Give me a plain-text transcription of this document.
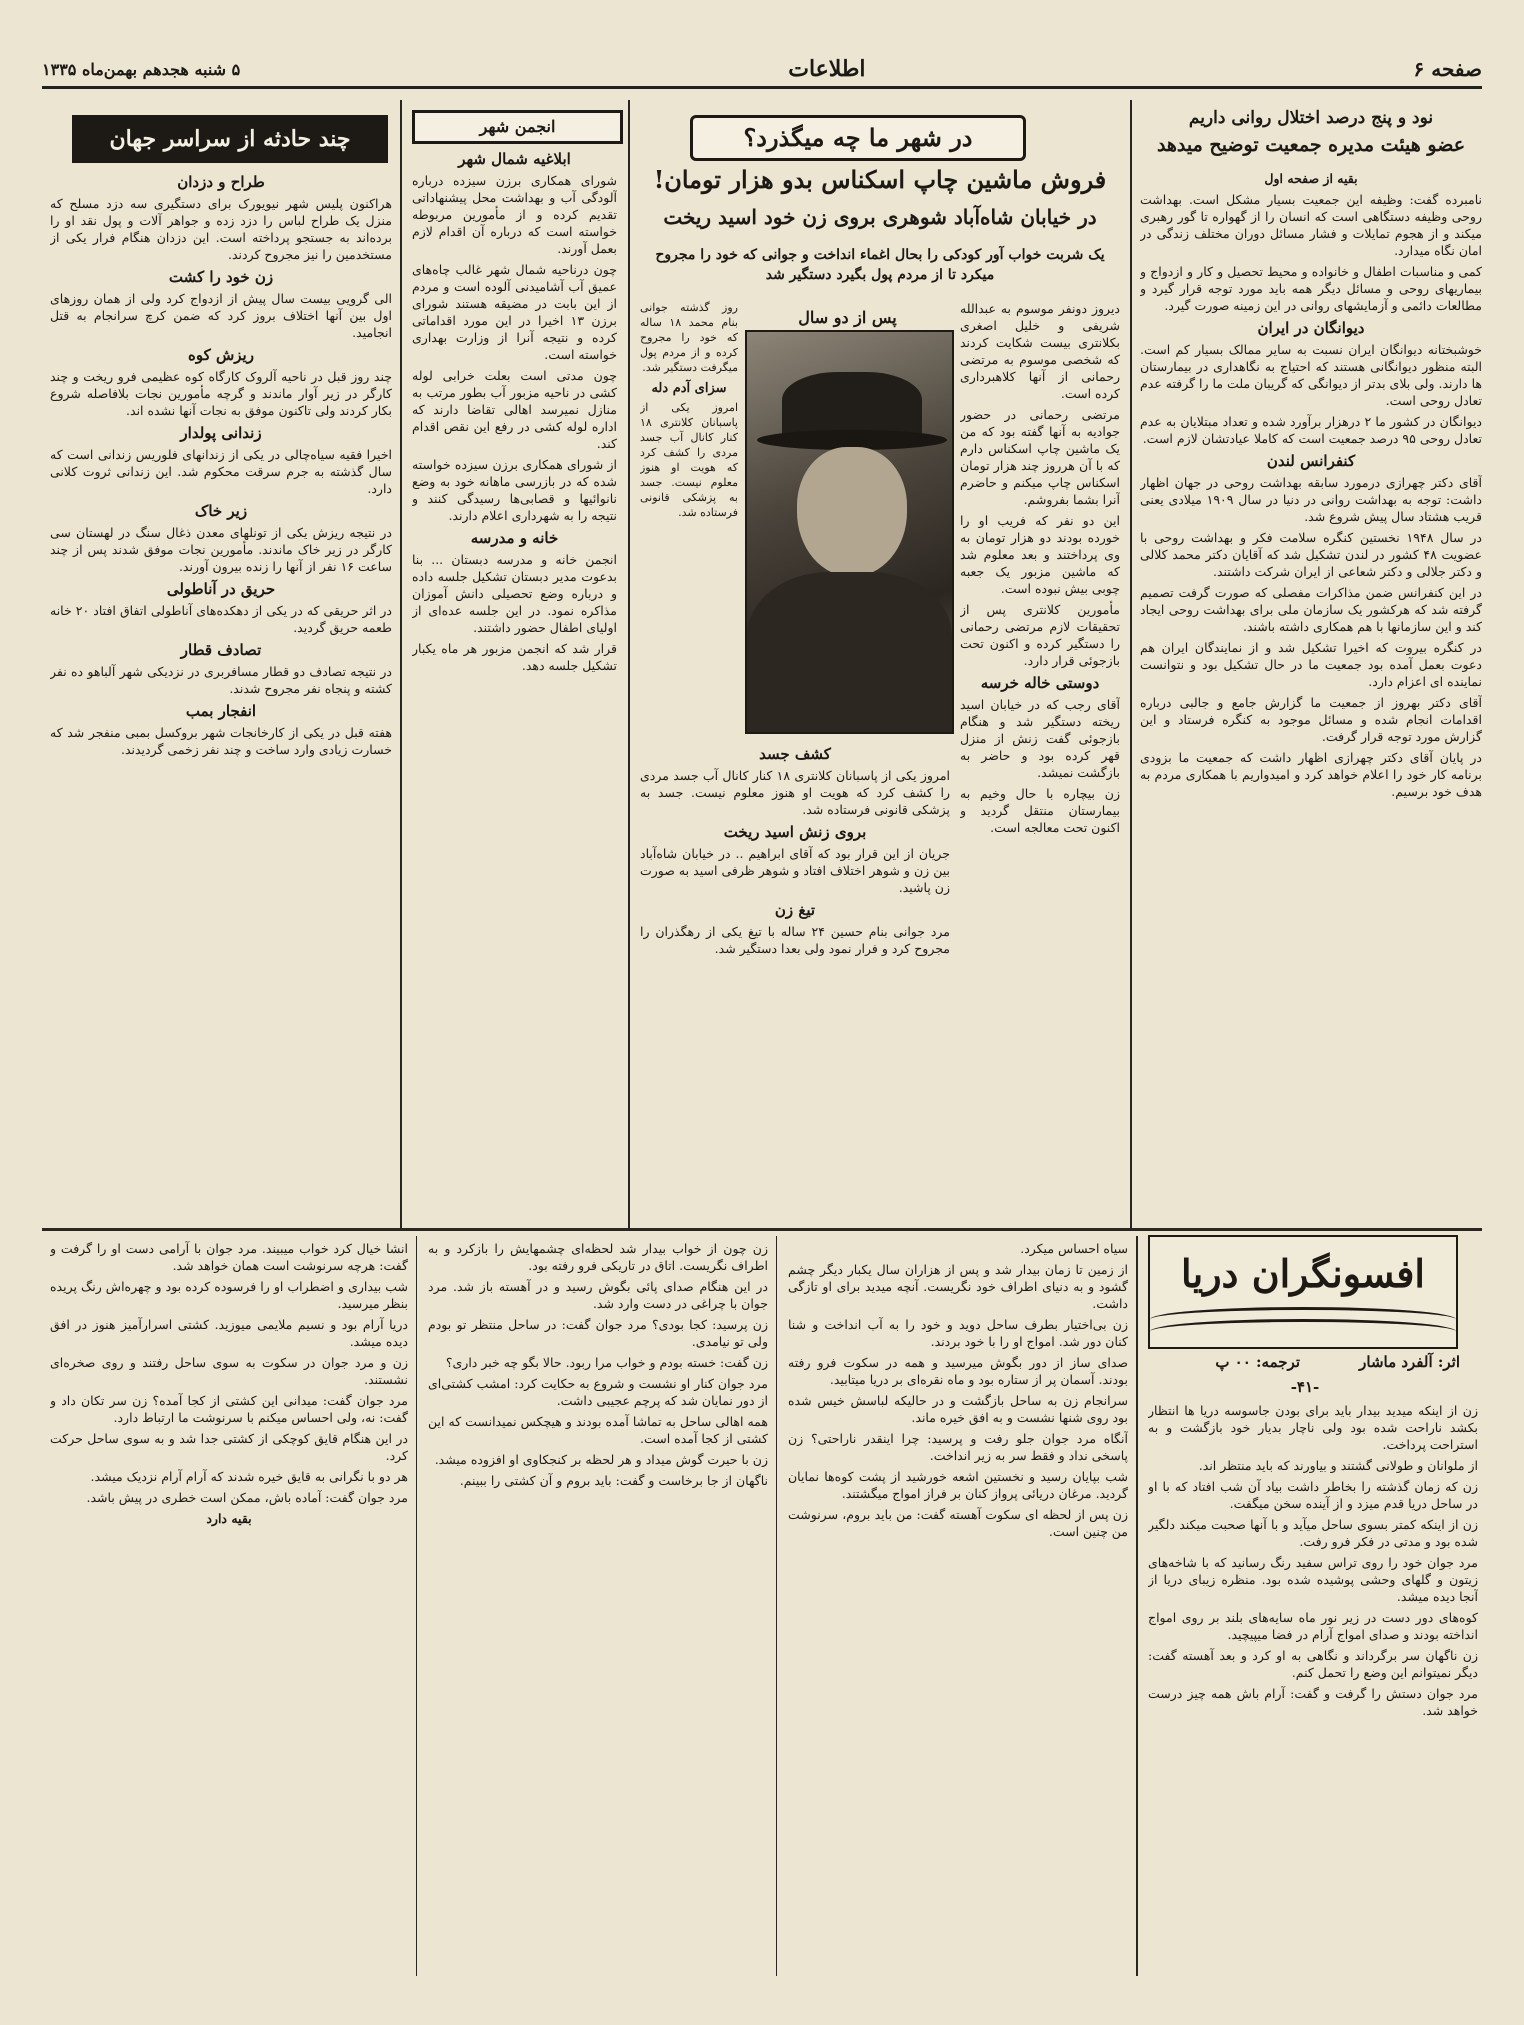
صفحه ۶
اطلاعات
۵ شنبه هجدهم بهمن‌ماه ۱۳۳۵
نود و پنج درصد اختلال روانی داریم
عضو هیئت مدیره جمعیت توضیح میدهد

بقیه از صفحه اول

نامبرده گفت: وظیفه این جمعیت بسیار مشکل است. بهداشت روحی وظیفه دستگاهی است که انسان را از گهواره تا گور رهبری میکند و از هجوم تمایلات و فشار مسائل دوران مختلف زندگی در امان نگاه میدارد.

کمی و مناسبات اطفال و خانواده و محیط تحصیل و کار و ازدواج و بیماریهای روحی و مسائل دیگر همه باید مورد توجه قرار گیرد و مطالعات دائمی و آزمایشهای روانی در این زمینه صورت گیرد.

دیوانگان در ایران

خوشبختانه دیوانگان ایران نسبت به سایر ممالک بسیار کم است. البته منظور دیوانگانی هستند که احتیاج به نگاهداری در بیمارستان ها دارند. ولی بلای بدتر از دیوانگی که گریبان ملت ما را گرفته عدم تعادل روحی است.

دیوانگان در کشور ما ۲ درهزار برآورد شده و تعداد مبتلایان به عدم تعادل روحی ۹۵ درصد جمعیت است که کاملا عیادتشان لازم است.

کنفرانس لندن

آقای دکتر چهرازی درمورد سابقه بهداشت روحی در جهان اظهار داشت: توجه به بهداشت روانی در دنیا در سال ۱۹۰۹ میلادی یعنی قریب هشتاد سال پیش شروع شد.

در سال ۱۹۴۸ نخستین کنگره سلامت فکر و بهداشت روحی با عضویت ۴۸ کشور در لندن تشکیل شد که آقایان دکتر محمد کلالی و دکتر جلالی و دکتر شعاعی از ایران شرکت داشتند.

در این کنفرانس ضمن مذاکرات مفصلی که صورت گرفت تصمیم گرفته شد که هرکشور یک سازمان ملی برای بهداشت روحی ایجاد کند و این سازمانها با هم همکاری داشته باشند.

در کنگره بیروت که اخیرا تشکیل شد و از نمایندگان ایران هم دعوت بعمل آمده بود جمعیت ما در حال تشکیل بود و نتوانست نماینده ای اعزام دارد.

آقای دکتر بهروز از جمعیت ما گزارش جامع و جالبی درباره اقدامات انجام شده و مسائل موجود به کنگره فرستاد و این گزارش مورد توجه قرار گرفت.

در پایان آقای دکتر چهرازی اظهار داشت که جمعیت ما بزودی برنامه کار خود را اعلام خواهد کرد و امیدواریم با همکاری مردم به هدف خود برسیم.

در شهر ما چه میگذرد؟
فروش ماشین چاپ اسکناس بدو هزار تومان!
در خیابان شاه‌آباد شوهری بروی زن خود اسید ریخت
یک شربت خواب آور کودکی را بحال اغماء انداخت و جوانی که خود را مجروح میکرد تا از مردم پول بگیرد دستگیر شد

دیروز دونفر موسوم به عبدالله شریفی و خلیل اصغری بکلانتری بیست شکایت کردند که شخصی موسوم به مرتضی رحمانی از آنها کلاهبرداری کرده است.

مرتضی رحمانی در حضور جوادیه به آنها گفته بود که من یک ماشین چاپ اسکناس دارم که با آن هرروز چند هزار تومان اسکناس چاپ میکنم و حاضرم آنرا بشما بفروشم.

این دو نفر که فریب او را خورده بودند دو هزار تومان به وی پرداختند و بعد معلوم شد که ماشین مزبور یک جعبه چوبی بیش نبوده است.

مأمورین کلانتری پس از تحقیقات لازم مرتضی رحمانی را دستگیر کرده و اکنون تحت بازجوئی قرار دارد.

دوستی خاله خرسه

آقای رجب که در خیابان اسید ریخته دستگیر شد و هنگام بازجوئی گفت زنش از منزل قهر کرده بود و حاضر به بازگشت نمیشد.

زن بیچاره با حال وخیم به بیمارستان منتقل گردید و اکنون تحت معالجه است.

پس از دو سال

روز گذشته جوانی بنام محمد ۱۸ ساله که خود را مجروح کرده و از مردم پول میگرفت دستگیر شد.

سزای آدم دله

امروز یکی از پاسبانان کلانتری ۱۸ کنار کانال آب جسد مردی را کشف کرد که هویت او هنوز معلوم نیست. جسد به پزشکی قانونی فرستاده شد.

کشف جسد

امروز یکی از پاسبانان کلانتری ۱۸ کنار کانال آب جسد مردی را کشف کرد که هویت او هنوز معلوم نیست. جسد به پزشکی قانونی فرستاده شد.

بروی زنش اسید ریخت

جریان از این قرار بود که آقای ابراهیم .. در خیابان شاه‌آباد بین زن و شوهر اختلاف افتاد و شوهر ظرفی اسید به صورت زن پاشید.

تیغ زن

مرد جوانی بنام حسین ۲۴ ساله با تیغ یکی از رهگذران را مجروح کرد و فرار نمود ولی بعدا دستگیر شد.

انجمن شهر
ابلاغیه شمال شهر

شورای همکاری برزن سیزده درباره آلودگی آب و بهداشت محل پیشنهاداتی تقدیم کرده و از مأمورین مربوطه خواسته است که درباره آن اقدام لازم بعمل آورند.

چون درناحیه شمال شهر غالب چاه‌های عمیق آب آشامیدنی آلوده است و مردم از این بابت در مضیقه هستند شورای برزن ۱۳ اخیرا در این مورد اقداماتی کرده و نتیجه آنرا از وزارت بهداری خواسته است.

چون مدتی است بعلت خرابی لوله کشی در ناحیه مزبور آب بطور مرتب به منازل نمیرسد اهالی تقاضا دارند که اداره لوله کشی در رفع این نقص اقدام کند.

از شورای همکاری برزن سیزده خواسته شده که در بازرسی ماهانه خود به وضع نانوائیها و قصابی‌ها رسیدگی کنند و نتیجه را به شهرداری اعلام دارند.

خانه و مدرسه

انجمن خانه و مدرسه دبستان ... بنا بدعوت مدیر دبستان تشکیل جلسه داده و درباره وضع تحصیلی دانش آموزان مذاکره نمود. در این جلسه عده‌ای از اولیای اطفال حضور داشتند.

قرار شد که انجمن مزبور هر ماه یکبار تشکیل جلسه دهد.

چند حادثه از سراسر جهان
طراح و دزدان

هراکنون پلیس شهر نیویورک برای دستگیری سه دزد مسلح که منزل یک طراح لباس را دزد زده و جواهر آلات و پول نقد او را برده‌اند به جستجو پرداخته است. این دزدان هنگام فرار یکی از مستخدمین را نیز مجروح کردند.

زن خود را کشت

الی گرویی بیست سال پیش از ازدواج کرد ولی از همان روزهای اول بین آنها اختلاف بروز کرد که ضمن کرچ سرانجام به قتل انجامید.

ریزش کوه

چند روز قبل در ناحیه آلروک کارگاه کوه عظیمی فرو ریخت و چند کارگر در زیر آوار ماندند و گرچه مأمورین نجات بلافاصله شروع بکار کردند ولی تاکنون موفق به نجات آنها نشده اند.

زندانی پولدار

اخیرا فقیه سیاه‌چالی در یکی از زندانهای فلوریس زندانی است که سال گذشته به جرم سرقت محکوم شد. این زندانی ثروت کلانی دارد.

زیر خاک

در نتیجه ریزش یکی از تونلهای معدن ذغال سنگ در لهستان سی کارگر در زیر خاک ماندند. مأمورین نجات موفق شدند پس از چند ساعت ۱۶ نفر از آنها را زنده بیرون آورند.

حریق در آناطولی

در اثر حریقی که در یکی از دهکده‌های آناطولی اتفاق افتاد ۲۰ خانه طعمه حریق گردید.

تصادف قطار

در نتیجه تصادف دو قطار مسافربری در نزدیکی شهر آلباهو ده نفر کشته و پنجاه نفر مجروح شدند.

انفجار بمب

هفته قبل در یکی از کارخانجات شهر بروکسل بمبی منفجر شد که خسارت زیادی وارد ساخت و چند نفر زخمی گردیدند.

افسونگران دریا
اثر: آلفرد ماشار
ترجمه: ۰۰ پ
-۴۱-

زن از اینکه میدید بیدار باید برای بودن جاسوسه دریا ها انتظار بکشد ناراحت شده بود ولی ناچار بدیار خود بازگشت و به استراحت پرداخت.

از ملوانان و طولانی گشتند و بیاورند که باید منتظر اند.

زن که زمان گذشته را بخاطر داشت بیاد آن شب افتاد که با او در ساحل دریا قدم میزد و از آینده سخن میگفت.

زن از اینکه کمتر بسوی ساحل میآید و با آنها صحبت میکند دلگیر شده بود و مدتی در فکر فرو رفت.

مرد جوان خود را روی تراس سفید رنگ رسانید که با شاخه‌های زیتون و گلهای وحشی پوشیده شده بود. منظره زیبای دریا از آنجا دیده میشد.

کوه‌های دور دست در زیر نور ماه سایه‌های بلند بر روی امواج انداخته بودند و صدای امواج آرام در فضا میپیچید.

زن ناگهان سر برگرداند و نگاهی به او کرد و بعد آهسته گفت: دیگر نمیتوانم این وضع را تحمل کنم.

مرد جوان دستش را گرفت و گفت: آرام باش همه چیز درست خواهد شد.

سیاه احساس میکرد.

از زمین تا زمان بیدار شد و پس از هزاران سال یکبار دیگر چشم گشود و به دنیای اطراف خود نگریست. آنچه میدید برای او تازگی داشت.

زن بی‌اختیار بطرف ساحل دوید و خود را به آب انداخت و شنا کنان دور شد. امواج او را با خود بردند.

صدای ساز از دور بگوش میرسید و همه در سکوت فرو رفته بودند. آسمان پر از ستاره بود و ماه نقره‌ای بر دریا میتابید.

سرانجام زن به ساحل بازگشت و در حالیکه لباسش خیس شده بود روی شنها نشست و به افق خیره ماند.

آنگاه مرد جوان جلو رفت و پرسید: چرا اینقدر ناراحتی؟ زن پاسخی نداد و فقط سر به زیر انداخت.

شب بپایان رسید و نخستین اشعه خورشید از پشت کوه‌ها نمایان گردید. مرغان دریائی پرواز کنان بر فراز امواج میگشتند.

زن پس از لحظه ای سکوت آهسته گفت: من باید بروم، سرنوشت من چنین است.

زن چون از خواب بیدار شد لحظه‌ای چشمهایش را بازکرد و به اطراف نگریست. اتاق در تاریکی فرو رفته بود.

در این هنگام صدای پائی بگوش رسید و در آهسته باز شد. مرد جوان با چراغی در دست وارد شد.

زن پرسید: کجا بودی؟ مرد جوان گفت: در ساحل منتظر تو بودم ولی تو نیامدی.

زن گفت: خسته بودم و خواب مرا ربود. حالا بگو چه خبر داری؟

مرد جوان کنار او نشست و شروع به حکایت کرد: امشب کشتی‌ای از دور نمایان شد که پرچم عجیبی داشت.

همه اهالی ساحل به تماشا آمده بودند و هیچکس نمیدانست که این کشتی از کجا آمده است.

زن با حیرت گوش میداد و هر لحظه بر کنجکاوی او افزوده میشد.

ناگهان از جا برخاست و گفت: باید بروم و آن کشتی را ببینم.

انشا خیال کرد خواب میبیند. مرد جوان با آرامی دست او را گرفت و گفت: هرچه سرنوشت است همان خواهد شد.

شب بیداری و اضطراب او را فرسوده کرده بود و چهره‌اش رنگ پریده بنظر میرسید.

دریا آرام بود و نسیم ملایمی میوزید. کشتی اسرارآمیز هنوز در افق دیده میشد.

زن و مرد جوان در سکوت به سوی ساحل رفتند و روی صخره‌ای نشستند.

مرد جوان گفت: میدانی این کشتی از کجا آمده؟ زن سر تکان داد و گفت: نه، ولی احساس میکنم با سرنوشت ما ارتباط دارد.

در این هنگام قایق کوچکی از کشتی جدا شد و به سوی ساحل حرکت کرد.

هر دو با نگرانی به قایق خیره شدند که آرام آرام نزدیک میشد.

مرد جوان گفت: آماده باش، ممکن است خطری در پیش باشد.

بقیه دارد
